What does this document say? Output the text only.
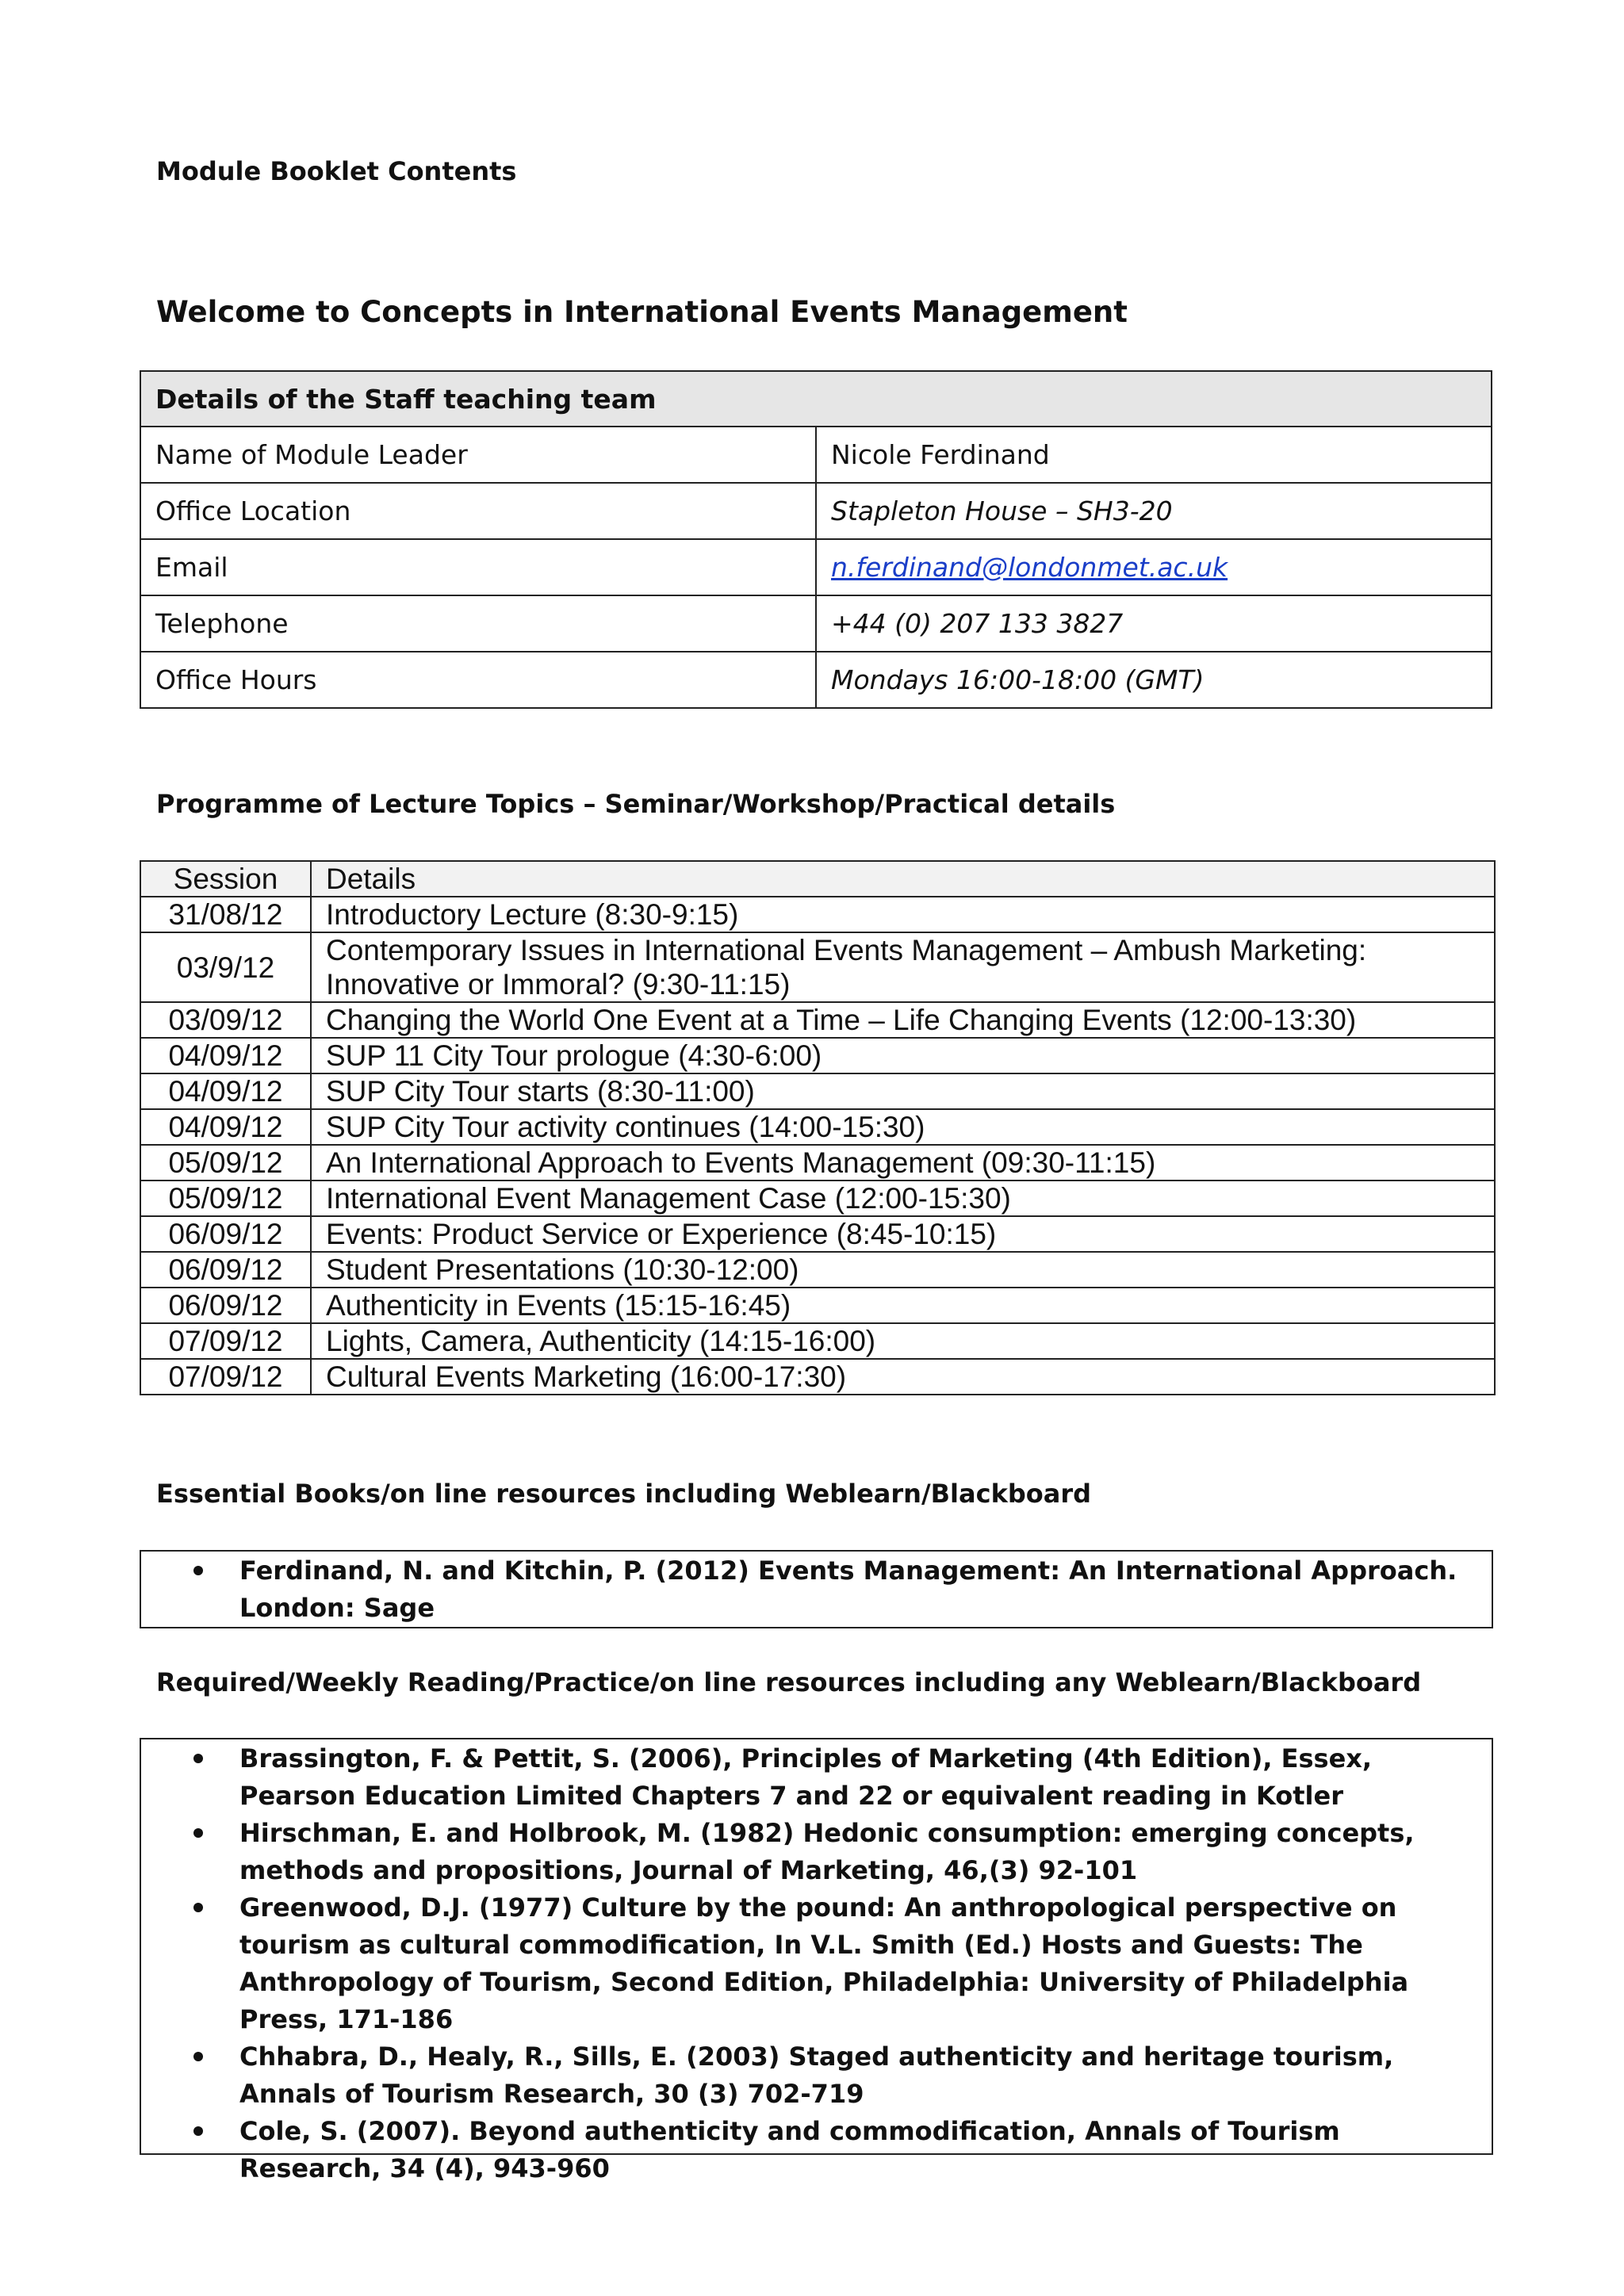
Module Booklet Contents
Welcome to Concepts in International Events Management
Details of the Staff teaching team	
Name of Module Leader	Nicole Ferdinand
Office Location	Stapleton House – SH3-20
Email	n.ferdinand@londonmet.ac.uk
Telephone	+44 (0) 207 133 3827
Office Hours	Mondays 16:00-18:00 (GMT)
Programme of Lecture Topics – Seminar/Workshop/Practical details
Session	Details
31/08/12	Introductory Lecture (8:30-9:15)
03/9/12	Contemporary Issues in International Events Management – Ambush Marketing: Innovative or Immoral? (9:30-11:15)
03/09/12	Changing the World One Event at a Time – Life Changing Events (12:00-13:30)
04/09/12	SUP 11 City Tour prologue (4:30-6:00)
04/09/12	SUP City Tour starts (8:30-11:00)
04/09/12	SUP City Tour activity continues (14:00-15:30)
05/09/12	An International Approach to Events Management (09:30-11:15)
05/09/12	International Event Management Case (12:00-15:30)
06/09/12	Events: Product Service or Experience (8:45-10:15)
06/09/12	Student Presentations (10:30-12:00)
06/09/12	Authenticity in Events (15:15-16:45)
07/09/12	Lights, Camera, Authenticity (14:15-16:00)
07/09/12	Cultural Events Marketing (16:00-17:30)
Essential Books/on line resources including Weblearn/Blackboard
Ferdinand, N. and Kitchin, P. (2012) Events Management: An International Approach. London: Sage
Required/Weekly Reading/Practice/on line resources including any Weblearn/Blackboard
Brassington, F. & Pettit, S. (2006), Principles of Marketing (4th Edition), Essex, Pearson Education Limited Chapters 7 and 22 or equivalent reading in Kotler
Hirschman, E. and Holbrook, M. (1982) Hedonic consumption: emerging concepts, methods and propositions, Journal of Marketing, 46,(3) 92-101
Greenwood, D.J. (1977) Culture by the pound: An anthropological perspective on tourism as cultural commodification, In V.L. Smith (Ed.) Hosts and Guests: The Anthropology of Tourism, Second Edition, Philadelphia: University of Philadelphia Press, 171-186
Chhabra, D., Healy, R., Sills, E. (2003) Staged authenticity and heritage tourism, Annals of Tourism Research, 30 (3) 702-719
Cole, S. (2007). Beyond authenticity and commodification, Annals of Tourism Research, 34 (4), 943-960
